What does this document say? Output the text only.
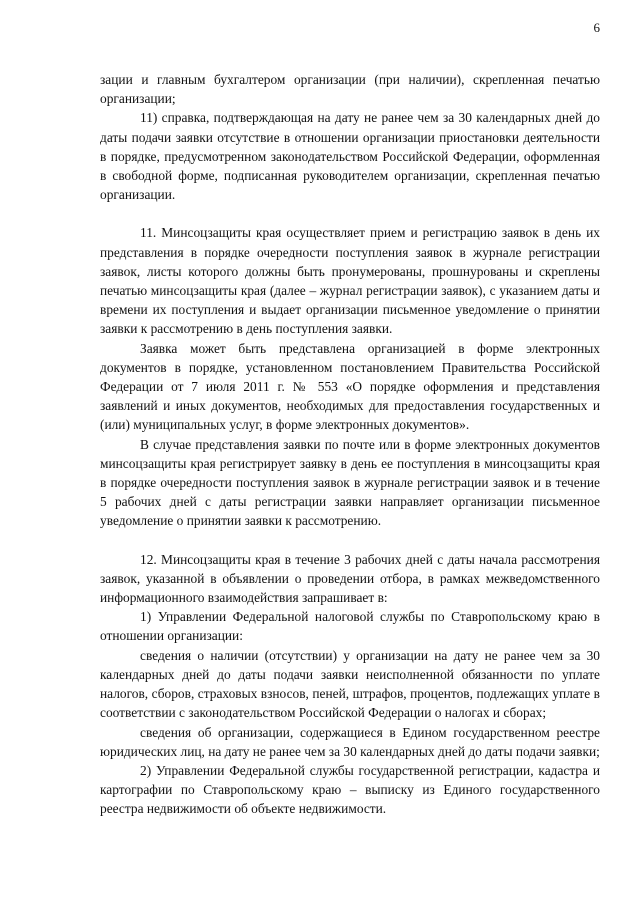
6

зации и главным бухгалтером организации (при наличии), скрепленная печатью организации;

11) справка, подтверждающая на дату не ранее чем за 30 календарных дней до даты подачи заявки отсутствие в отношении организации приостановки деятельности в порядке, предусмотренном законодательством Российской Федерации, оформленная в свободной форме, подписанная руководителем организации, скрепленная печатью организации.

11. Минсоцзащиты края осуществляет прием и регистрацию заявок в день их представления в порядке очередности поступления заявок в журнале регистрации заявок, листы которого должны быть пронумерованы, прошнурованы и скреплены печатью минсоцзащиты края (далее – журнал регистрации заявок), с указанием даты и времени их поступления и выдает организации письменное уведомление о принятии заявки к рассмотрению в день поступления заявки.

Заявка может быть представлена организацией в форме электронных документов в порядке, установленном постановлением Правительства Российской Федерации от 7 июля 2011 г. № 553 «О порядке оформления и представления заявлений и иных документов, необходимых для предоставления государственных и (или) муниципальных услуг, в форме электронных документов».

В случае представления заявки по почте или в форме электронных документов минсоцзащиты края регистрирует заявку в день ее поступления в минсоцзащиты края в порядке очередности поступления заявок в журнале регистрации заявок и в течение 5 рабочих дней с даты регистрации заявки направляет организации письменное уведомление о принятии заявки к рассмотрению.

12. Минсоцзащиты края в течение 3 рабочих дней с даты начала рассмотрения заявок, указанной в объявлении о проведении отбора, в рамках межведомственного информационного взаимодействия запрашивает в:

1) Управлении Федеральной налоговой службы по Ставропольскому краю в отношении организации:

сведения о наличии (отсутствии) у организации на дату не ранее чем за 30 календарных дней до даты подачи заявки неисполненной обязанности по уплате налогов, сборов, страховых взносов, пеней, штрафов, процентов, подлежащих уплате в соответствии с законодательством Российской Федерации о налогах и сборах;

сведения об организации, содержащиеся в Едином государственном реестре юридических лиц, на дату не ранее чем за 30 календарных дней до даты подачи заявки;

2) Управлении Федеральной службы государственной регистрации, кадастра и картографии по Ставропольскому краю – выписку из Единого государственного реестра недвижимости об объекте недвижимости.
